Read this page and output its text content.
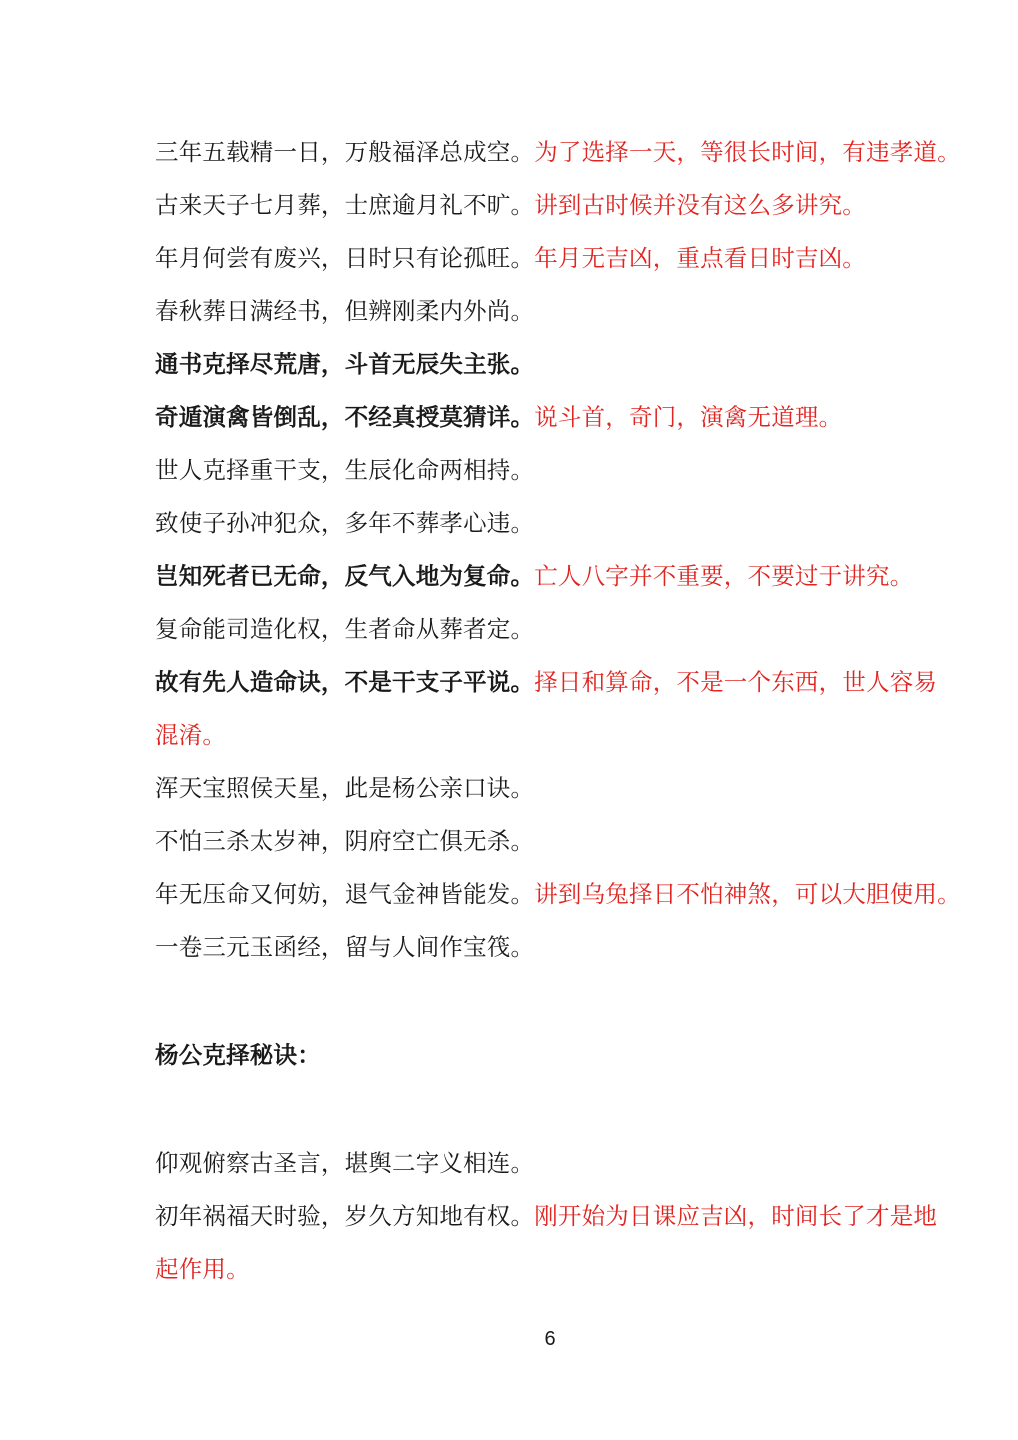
三年五载精一日，万般福泽总成空。为了选择一天，等很长时间，有违孝道。
古来天子七月葬，士庶逾月礼不旷。讲到古时候并没有这么多讲究。
年月何尝有废兴，日时只有论孤旺。年月无吉凶，重点看日时吉凶。
春秋葬日满经书，但辨刚柔内外尚。
通书克择尽荒唐，斗首无辰失主张。
奇遁演禽皆倒乱，不经真授莫猜详。说斗首，奇门，演禽无道理。
世人克择重干支，生辰化命两相持。
致使子孙冲犯众，多年不葬孝心违。
岂知死者已无命，反气入地为复命。亡人八字并不重要，不要过于讲究。
复命能司造化权，生者命从葬者定。
故有先人造命诀，不是干支子平说。择日和算命，不是一个东西，世人容易
混淆。
浑天宝照侯天星，此是杨公亲口诀。
不怕三杀太岁神，阴府空亡俱无杀。
年无压命又何妨，退气金神皆能发。讲到乌兔择日不怕神煞，可以大胆使用。
一卷三元玉函经，留与人间作宝筏。
杨公克择秘诀：
仰观俯察古圣言，堪舆二字义相连。
初年祸福天时验，岁久方知地有权。刚开始为日课应吉凶，时间长了才是地
起作用。
6
